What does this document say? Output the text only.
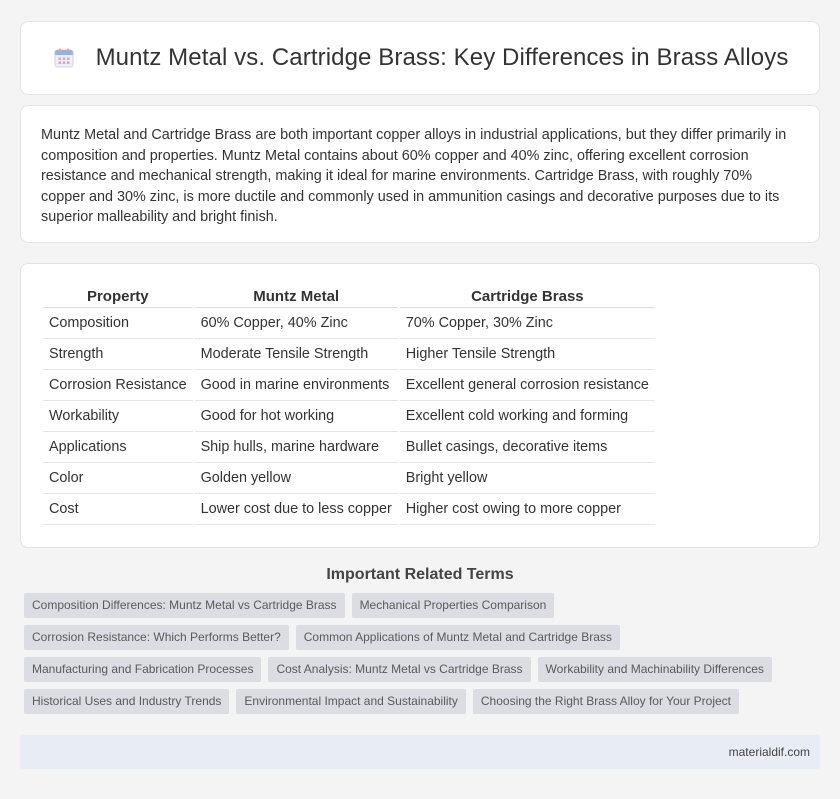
Muntz Metal vs. Cartridge Brass: Key Differences in Brass Alloys

Muntz Metal and Cartridge Brass are both important copper alloys in industrial applications, but they differ primarily in composition and properties. Muntz Metal contains about 60% copper and 40% zinc, offering excellent corrosion resistance and mechanical strength, making it ideal for marine environments. Cartridge Brass, with roughly 70% copper and 30% zinc, is more ductile and commonly used in ammunition casings and decorative purposes due to its superior malleability and bright finish.

Property	Muntz Metal	Cartridge Brass
Composition	60% Copper, 40% Zinc	70% Copper, 30% Zinc
Strength	Moderate Tensile Strength	Higher Tensile Strength
Corrosion Resistance	Good in marine environments	Excellent general corrosion resistance
Workability	Good for hot working	Excellent cold working and forming
Applications	Ship hulls, marine hardware	Bullet casings, decorative items
Color	Golden yellow	Bright yellow
Cost	Lower cost due to less copper	Higher cost owing to more copper
Important Related Terms
Composition Differences: Muntz Metal vs Cartridge Brass	Mechanical Properties Comparison
Corrosion Resistance: Which Performs Better?	Common Applications of Muntz Metal and Cartridge Brass
Manufacturing and Fabrication Processes	Cost Analysis: Muntz Metal vs Cartridge Brass	Workability and Machinability Differences
Historical Uses and Industry Trends	Environmental Impact and Sustainability	Choosing the Right Brass Alloy for Your Project
materialdif.com
